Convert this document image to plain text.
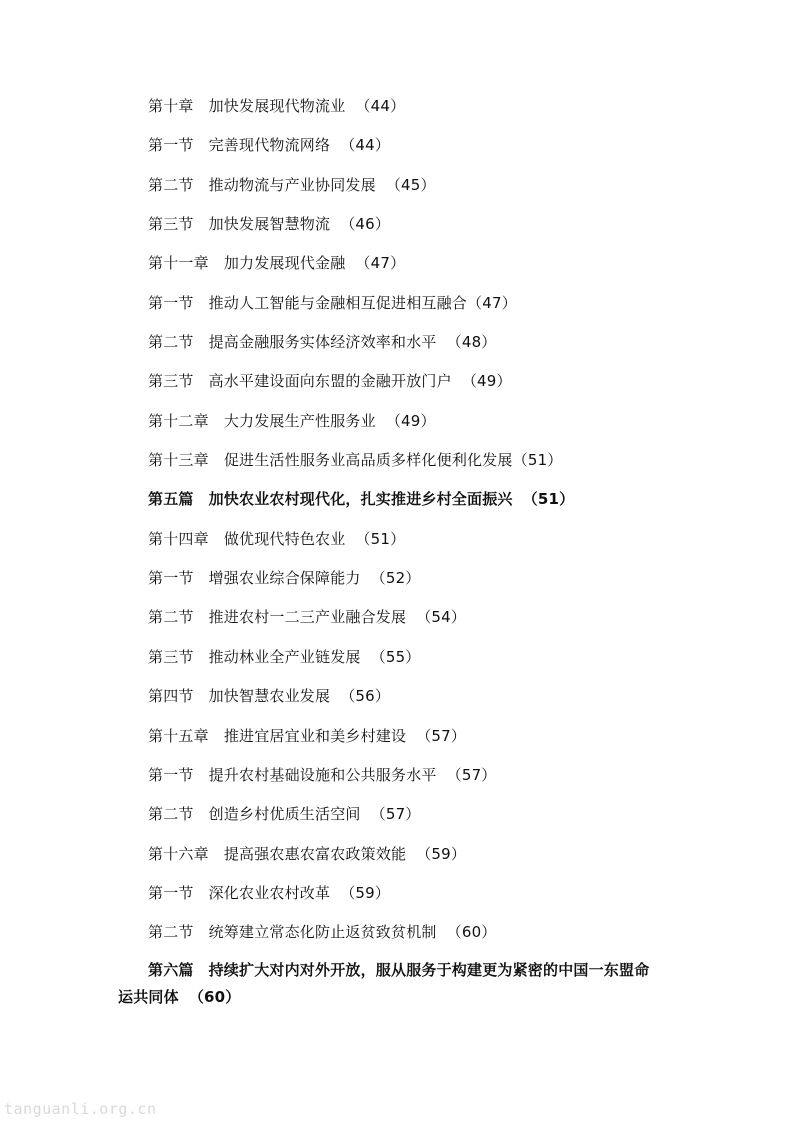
第十章 加快发展现代物流业 （44）
第一节 完善现代物流网络 （44）
第二节 推动物流与产业协同发展 （45）
第三节 加快发展智慧物流 （46）
第十一章 加力发展现代金融 （47）
第一节 推动人工智能与金融相互促进相互融合（47）
第二节 提高金融服务实体经济效率和水平 （48）
第三节 高水平建设面向东盟的金融开放门户 （49）
第十二章 大力发展生产性服务业 （49）
第十三章 促进生活性服务业高品质多样化便利化发展（51）
第五篇 加快农业农村现代化，扎实推进乡村全面振兴 （51）
第十四章 做优现代特色农业 （51）
第一节 增强农业综合保障能力 （52）
第二节 推进农村一二三产业融合发展 （54）
第三节 推动林业全产业链发展 （55）
第四节 加快智慧农业发展 （56）
第十五章 推进宜居宜业和美乡村建设 （57）
第一节 提升农村基础设施和公共服务水平 （57）
第二节 创造乡村优质生活空间 （57）
第十六章 提高强农惠农富农政策效能 （59）
第一节 深化农业农村改革 （59）
第二节 统筹建立常态化防止返贫致贫机制 （60）
第六篇 持续扩大对内对外开放，服从服务于构建更为紧密的中国一东盟命
运共同体 （60）
tanguanli.org.cn
